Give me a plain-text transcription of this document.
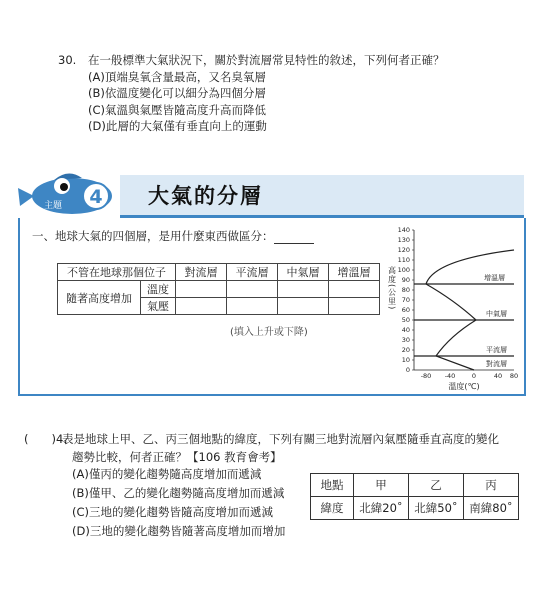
30. 在一般標準大氣狀況下，關於對流層常見特性的敘述，下列何者正確？
(A)頂端臭氧含量最高，又名臭氧層
(B)依溫度變化可以細分為四個分層
(C)氣溫與氣壓皆隨高度升高而降低
(D)此層的大氣僅有垂直向上的運動
大氣的分層
主題 4
一、地球大氣的四個層，是用什麼東西做區分：
不管在地球那個位子		對流層	平流層	中氣層	增溫層
隨著高度增加	溫度				
	氣壓				
(填入上升或下降)
0
10
20
30
40
50
60
70
80
90
100
110
120
130
140
-80 -40	0	40 80
高度(公里)
溫度(℃)
增溫層
中氣層
平流層
對流層
(　　)4.
表是地球上甲、乙、丙三個地點的緯度，下列有關三地對流層內氣壓隨垂直高度的變化
趨勢比較，何者正確？【106 教育會考】
(A)僅丙的變化趨勢隨高度增加而遞減
(B)僅甲、乙的變化趨勢隨高度增加而遞減
(C)三地的變化趨勢皆隨高度增加而遞減
(D)三地的變化趨勢皆隨著高度增加而增加
地點	甲	乙	丙
緯度	北緯20˚	北緯50˚	南緯80˚
